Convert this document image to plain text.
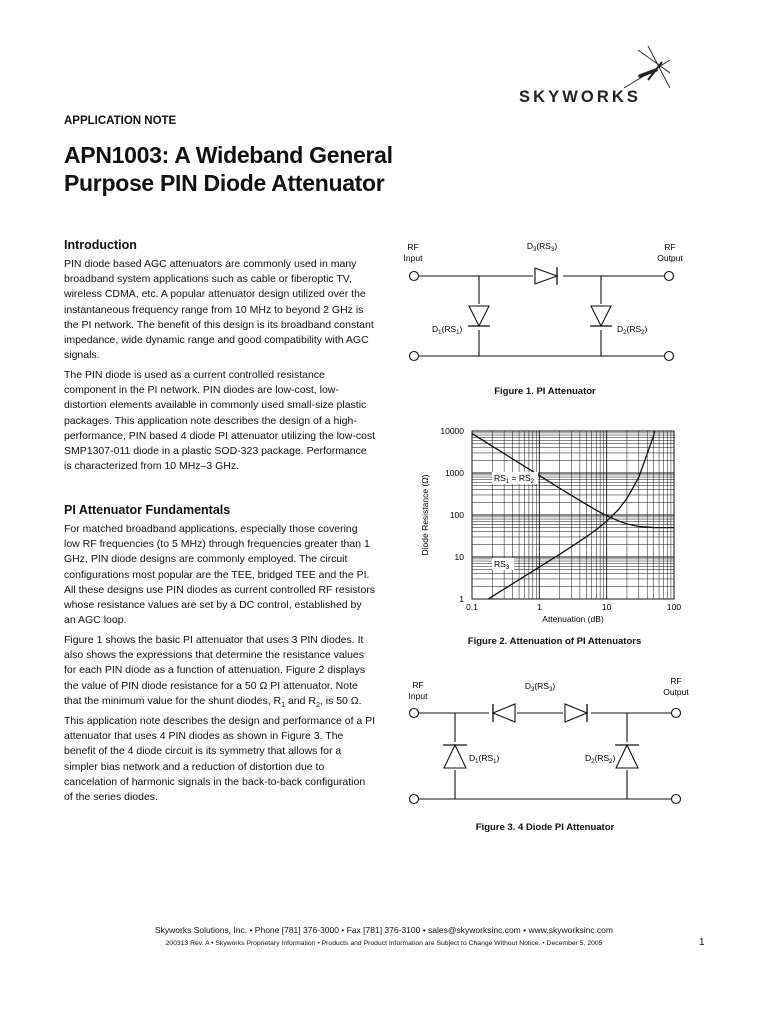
SKYWORKS
APPLICATION NOTE
APN1003: A Wideband General
Purpose PIN Diode Attenuator
Introduction

PIN diode based AGC attenuators are commonly used in many broadband system applications such as cable or fiberoptic TV, wireless CDMA, etc. A popular attenuator design utilized over the instantaneous frequency range from 10 MHz to beyond 2 GHz is the PI network. The benefit of this design is its broadband constant impedance, wide dynamic range and good compatibility with AGC signals.

The PIN diode is used as a current controlled resistance component in the PI network. PIN diodes are low-cost, low-distortion elements available in commonly used small-size plastic packages. This application note describes the design of a high-performance, PIN based 4 diode PI attenuator utilizing the low-cost SMP1307-011 diode in a plastic SOD-323 package. Performance is characterized from 10 MHz–3 GHz.

PI Attenuator Fundamentals

For matched broadband applications, especially those covering low RF frequencies (to 5 MHz) through frequencies greater than 1 GHz, PIN diode designs are commonly employed. The circuit configurations most popular are the TEE, bridged TEE and the PI. All these designs use PIN diodes as current controlled RF resistors whose resistance values are set by a DC control, established by an AGC loop.

Figure 1 shows the basic PI attenuator that uses 3 PIN diodes. It also shows the expressions that determine the resistance values for each PIN diode as a function of attenuation. Figure 2 displays the value of PIN diode resistance for a 50 Ω PI attenuator. Note that the minimum value for the shunt diodes, $R_1$ and $R_2$, is 50 Ω.

This application note describes the design and performance of a PI attenuator that uses 4 PIN diodes as shown in Figure 3. The benefit of the 4 diode circuit is its symmetry that allows for a simpler bias network and a reduction of distortion due to cancelation of harmonic signals in the back-to-back configuration of the series diodes.

RF
Input
RF
Output
$D_3(RS_3)$
$D_1(RS_1)$	$D_2(RS_2)$
Figure 1. PI Attenuator
0.1	1	10	100
1
10
100
1000
10000
Attenuation (dB)
Diode Resistance (Ω)	$RS_1 = RS_2$
$RS_3$
Figure 2. Attenuation of PI Attenuators
RF
Input
RF
Output
$D_3(RS_3)$
$D_1(RS_1)$	$D_2(RS_2)$
Figure 3. 4 Diode PI Attenuator
Skyworks Solutions, Inc. • Phone [781] 376-3000 • Fax [781] 376-3100 • sales@skyworksinc.com • www.skyworksinc.com
200313 Rev. A • Skyworks Proprietary Information • Products and Product Information are Subject to Change Without Notice. • December 5, 2005	1
